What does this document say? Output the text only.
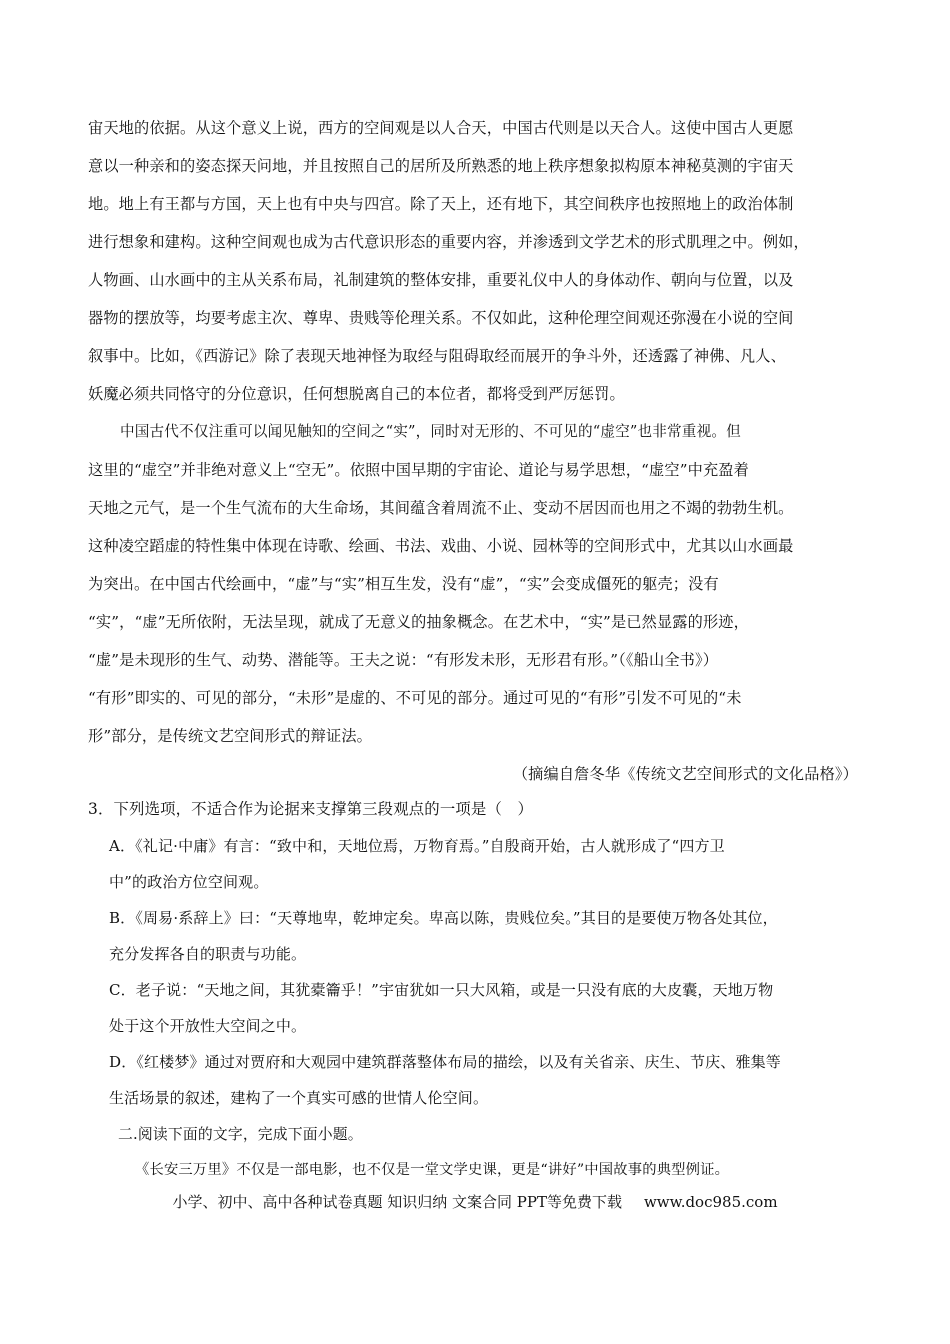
宙天地的依据。从这个意义上说，西方的空间观是以人合天，中国古代则是以天合人。这使中国古人更愿
意以一种亲和的姿态探天问地，并且按照自己的居所及所熟悉的地上秩序想象拟构原本神秘莫测的宇宙天
地。地上有王都与方国，天上也有中央与四宫。除了天上，还有地下，其空间秩序也按照地上的政治体制
进行想象和建构。这种空间观也成为古代意识形态的重要内容，并渗透到文学艺术的形式肌理之中。例如，
人物画、山水画中的主从关系布局，礼制建筑的整体安排，重要礼仪中人的身体动作、朝向与位置，以及
器物的摆放等，均要考虑主次、尊卑、贵贱等伦理关系。不仅如此，这种伦理空间观还弥漫在小说的空间
叙事中。比如，《西游记》除了表现天地神怪为取经与阻碍取经而展开的争斗外，还透露了神佛、凡人、
妖魔必须共同恪守的分位意识，任何想脱离自己的本位者，都将受到严厉惩罚。
中国古代不仅注重可以闻见触知的空间之“实”，同时对无形的、不可见的“虚空”也非常重视。但
这里的“虚空”并非绝对意义上“空无”。依照中国早期的宇宙论、道论与易学思想，“虚空”中充盈着
天地之元气，是一个生气流布的大生命场，其间蕴含着周流不止、变动不居因而也用之不竭的勃勃生机。
这种凌空蹈虚的特性集中体现在诗歌、绘画、书法、戏曲、小说、园林等的空间形式中，尤其以山水画最
为突出。在中国古代绘画中，“虚”与“实”相互生发，没有“虚”，“实”会变成僵死的躯壳；没有
“实”，“虚”无所依附，无法呈现，就成了无意义的抽象概念。在艺术中，“实”是已然显露的形迹，
“虚”是未现形的生气、动势、潜能等。王夫之说：“有形发未形，无形君有形。”（《船山全书》）
“有形”即实的、可见的部分，“未形”是虚的、不可见的部分。通过可见的“有形”引发不可见的“未
形”部分，是传统文艺空间形式的辩证法。
（摘编自詹冬华《传统文艺空间形式的文化品格》）
3．下列选项，不适合作为论据来支撑第三段观点的一项是（　）
A．《礼记·中庸》有言：“致中和，天地位焉，万物育焉。”自殷商开始，古人就形成了“四方卫
中”的政治方位空间观。
B．《周易·系辞上》曰：“天尊地卑，乾坤定矣。卑高以陈，贵贱位矣。”其目的是要使万物各处其位，
充分发挥各自的职责与功能。
C．老子说：“天地之间，其犹橐籥乎！”宇宙犹如一只大风箱，或是一只没有底的大皮囊，天地万物
处于这个开放性大空间之中。
D．《红楼梦》通过对贾府和大观园中建筑群落整体布局的描绘，以及有关省亲、庆生、节庆、雅集等
生活场景的叙述，建构了一个真实可感的世情人伦空间。
二.阅读下面的文字，完成下面小题。
《长安三万里》不仅是一部电影，也不仅是一堂文学史课，更是“讲好”中国故事的典型例证。
小学、初中、高中各种试卷真题 知识归纳 文案合同 PPT等免费下载 www.doc985.com
